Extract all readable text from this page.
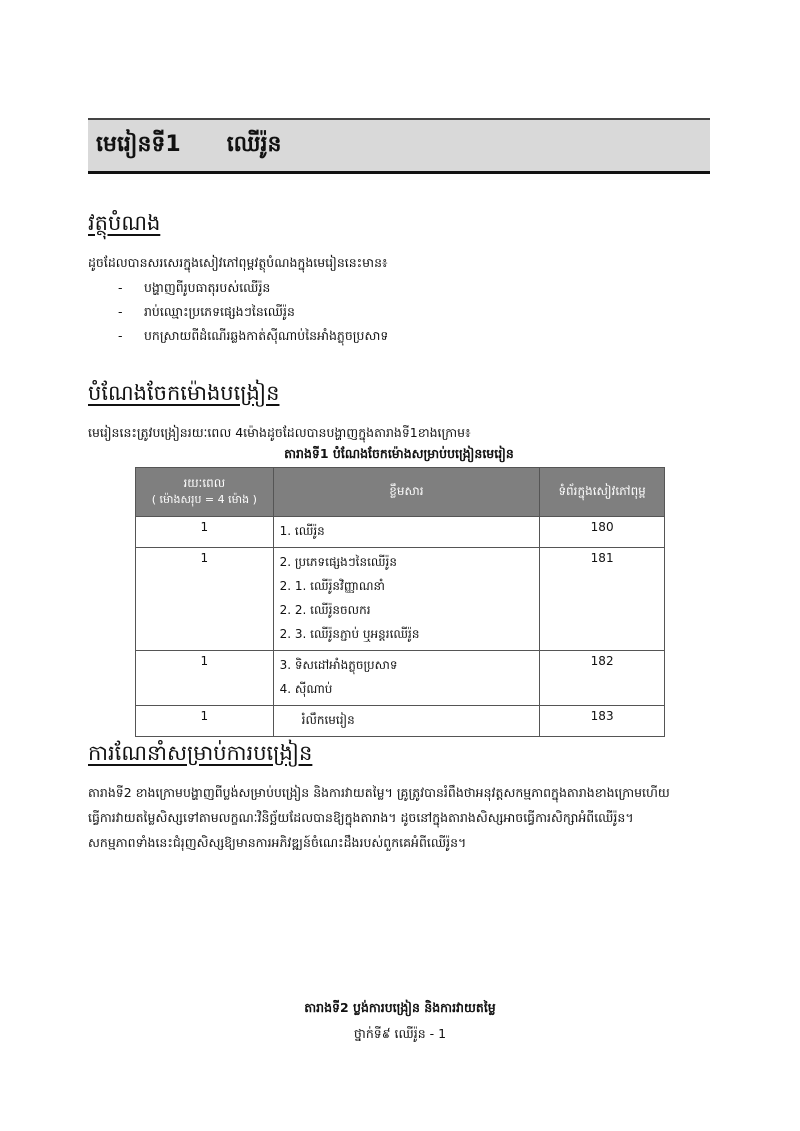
មេរៀនទី1 ឈើរ៉ូន
វត្ថុបំណង
ដូចដែលបានសរសេរក្នុងសៀវភៅពុម្ពវត្ថុបំណងក្នុងមេរៀននេះមាន៖
- បង្ហាញពីរូបធាតុរបស់ឈើរ៉ូន
- រាប់ឈ្មោះប្រភេទផ្សេងៗនៃឈើរ៉ូន
- បកស្រាយពីដំណើរឆ្លងកាត់ស៊ីណាប់នៃអាំងភ្លុចប្រសាទ
បំណែងចែកម៉ោងបង្រៀន
មេរៀននេះត្រូវបង្រៀនរយៈពេល 4ម៉ោងដូចដែលបានបង្ហាញក្នុងតារាងទី1ខាងក្រោម៖
តារាងទី1 បំណែងចែកម៉ោងសម្រាប់បង្រៀនមេរៀន
រយៈពេល
( ម៉ោងសរុប = 4 ម៉ោង )	ខ្លឹមសារ	ទំព័រក្នុងសៀវភៅពុម្ព
1	1. ឈើរ៉ូន	180
1	2. ប្រភេទផ្សេងៗនៃឈើរ៉ូន
2. 1. ឈើរ៉ូនវិញ្ញាណនាំ
2. 2. ឈើរ៉ូនចលករ
2. 3. ឈើរ៉ូនភ្ជាប់ ឬអន្តរឈើរ៉ូន	181
1	3. ទិសដៅអាំងភ្លុចប្រសាទ
4. ស៊ីណាប់	182
1	រំលឹកមេរៀន	183
ការណែនាំសម្រាប់ការបង្រៀន
តារាងទី2 ខាងក្រោមបង្ហាញពីប្លង់សម្រាប់បង្រៀន និងការវាយតម្លៃ។ គ្រូត្រូវបានរំពឹងថាអនុវត្តសកម្មភាពក្នុងតារាងខាងក្រោមហើយ
ធ្វើការវាយតម្លៃសិស្សទៅតាមលក្ខណៈវិនិច្ឆ័យដែលបានឱ្យក្នុងតារាង។ ដូចនៅក្នុងតារាងសិស្សអាចធ្វើការសិក្សាអំពីឈើរ៉ូន។
សកម្មភាពទាំងនេះជំរុញសិស្សឱ្យមានការអភិវឌ្ឍន៍ចំណេះដឹងរបស់ពួកគេអំពីឈើរ៉ូន។
តារាងទី2 ប្លង់ការបង្រៀន និងការវាយតម្លៃ
ថ្នាក់ទី៩ ឈើរ៉ូន - 1
